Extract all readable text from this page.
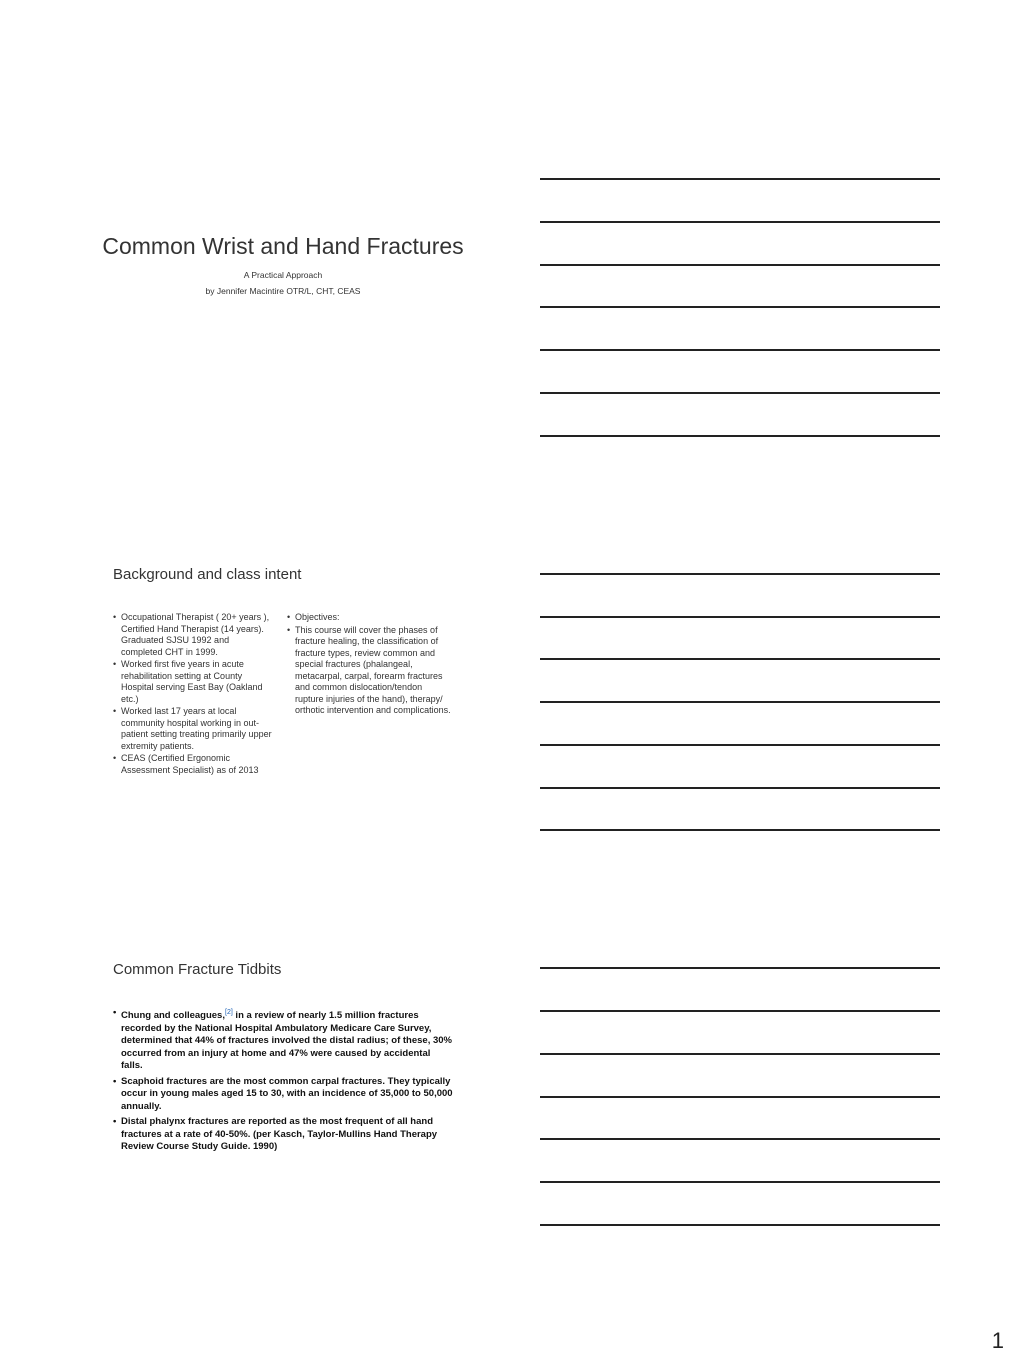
Common Wrist and Hand Fractures
A Practical Approach
by Jennifer Macintire OTR/L, CHT, CEAS
Background and class intent
• Occupational Therapist ( 20+ years ), Certified Hand Therapist (14 years). Graduated SJSU 1992 and completed CHT in 1999.
• Worked first five years in acute rehabilitation setting at County Hospital serving East Bay (Oakland etc.)
• Worked last 17 years at local community hospital working in out-patient setting treating primarily upper extremity patients.
• CEAS (Certified Ergonomic Assessment Specialist) as of 2013
• Objectives:
• This course will cover the phases of fracture healing, the classification of fracture types, review common and special fractures (phalangeal, metacarpal, carpal, forearm fractures and common dislocation/tendon rupture injuries of the hand), therapy/ orthotic intervention and complications.
Common Fracture Tidbits
• Chung and colleagues,[2] in a review of nearly 1.5 million fractures recorded by the National Hospital Ambulatory Medicare Care Survey, determined that 44% of fractures involved the distal radius; of these, 30% occurred from an injury at home and 47% were caused by accidental falls.
• Scaphoid fractures are the most common carpal fractures. They typically occur in young males aged 15 to 30, with an incidence of 35,000 to 50,000 annually.
• Distal phalynx fractures are reported as the most frequent of all hand fractures at a rate of 40-50%. (per Kasch, Taylor-Mullins Hand Therapy Review Course Study Guide. 1990)
1
